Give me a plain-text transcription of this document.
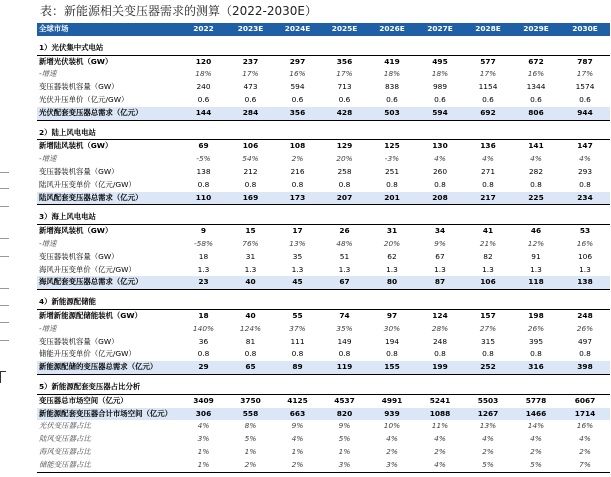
表：新能源相关变压器需求的测算（2022-2030E）
全球市场	2022	2023E	2024E	2025E	2026E	2027E	2028E	2029E	2030E

1）光伏集中式电站									
新增光伏装机（GW）	120	237	297	356	419	495	577	672	787
-增速	18%	17%	16%	17%	18%	18%	17%	16%	17%
变压器装机容量（GW）	240	473	594	713	838	989	1154	1344	1574
光伏升压单价（亿元/GW）	0.6	0.6	0.6	0.6	0.6	0.6	0.6	0.6	0.6
光伏配套变压器总需求（亿元）	144	284	356	428	503	594	692	806	944

2）陆上风电电站									
新增陆风装机（GW）	69	106	108	129	125	130	136	141	147
-增速	-5%	54%	2%	20%	-3%	4%	4%	4%	4%
变压器装机容量（GW）	138	212	216	258	251	260	271	282	293
陆风升压变单价（亿元/GW）	0.8	0.8	0.8	0.8	0.8	0.8	0.8	0.8	0.8
陆风配套变压器总需求（亿元）	110	169	173	207	201	208	217	225	234

3）海上风电电站									
新增海风装机（GW）	9	15	17	26	31	34	41	46	53
-增速	-58%	76%	13%	48%	20%	9%	21%	12%	16%
变压器装机容量（GW）	18	31	35	51	62	67	82	91	106
海风升压变单价（亿元/GW）	1.3	1.3	1.3	1.3	1.3	1.3	1.3	1.3	1.3
海风配套变压器总需求（亿元）	23	40	45	67	80	87	106	118	138

4）新能源配储能									
新增新能源配储能装机（GW）	18	40	55	74	97	124	157	198	248
-增速	140%	124%	37%	35%	30%	28%	27%	26%	26%
变压器装机容量（GW）	36	81	111	149	194	248	315	395	497
储能升压变单价（亿元/GW）	0.8	0.8	0.8	0.8	0.8	0.8	0.8	0.8	0.8
新能源配储的变压器总需求（亿元）	29	65	89	119	155	199	252	316	398

5）新能源配套变压器占比分析									
变压器总市场空间（亿元）	3409	3750	4125	4537	4991	5241	5503	5778	6067
新能源配套变压器合计市场空间（亿元）	306	558	663	820	939	1088	1267	1466	1714
光伏变压器占比	4%	8%	9%	9%	10%	11%	13%	14%	16%
陆风变压器占比	3%	5%	4%	5%	4%	4%	4%	4%	4%
海风变压器占比	1%	1%	1%	1%	2%	2%	2%	2%	2%
储能变压器占比	1%	2%	2%	3%	3%	4%	5%	5%	7%
